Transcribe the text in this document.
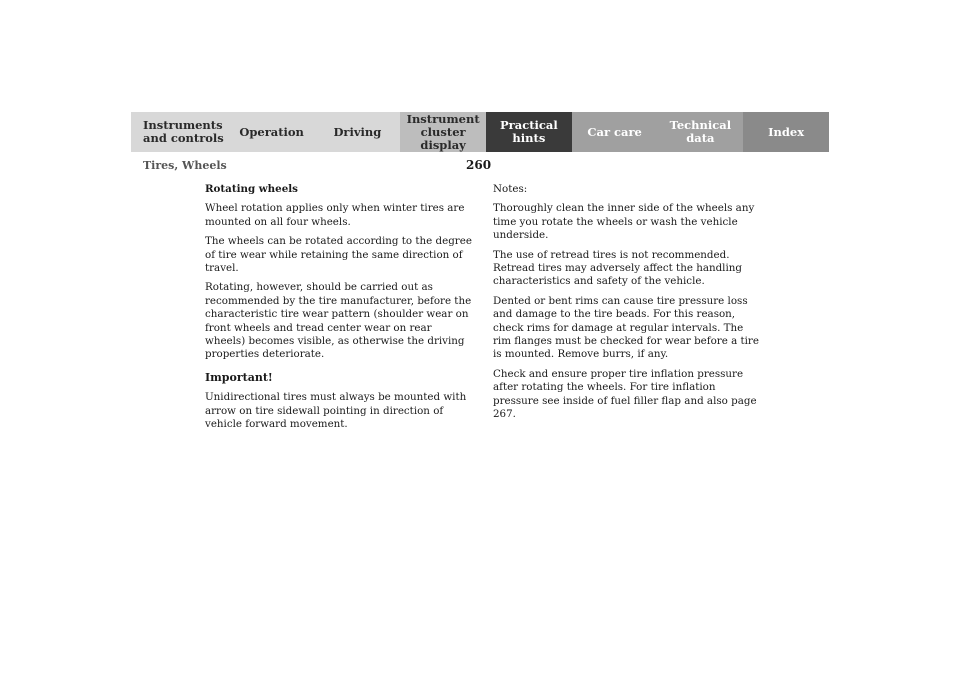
Instruments
and controls	Operation	Driving
Instrument
cluster display
Practical hints	Car care	Technical
data	Index
Tires, Wheels	260

Rotating wheels

Wheel rotation applies only when winter tires are mounted on all four wheels.

The wheels can be rotated according to the degree of tire wear while retaining the same direction of travel.

Rotating, however, should be carried out as recommended by the tire manufacturer, before the characteristic tire wear pattern (shoulder wear on front wheels and tread center wear on rear wheels) becomes visible, as otherwise the driving properties deteriorate.

Important!

Unidirectional tires must always be mounted with arrow on tire sidewall pointing in direction of vehicle forward movement.

Notes:

Thoroughly clean the inner side of the wheels any time you rotate the wheels or wash the vehicle underside.

The use of retread tires is not recommended. Retread tires may adversely affect the handling characteristics and safety of the vehicle.

Dented or bent rims can cause tire pressure loss and damage to the tire beads. For this reason, check rims for damage at regular intervals. The rim flanges must be checked for wear before a tire is mounted. Remove burrs, if any.

Check and ensure proper tire inflation pressure after rotating the wheels. For tire inflation pressure see inside of fuel filler flap and also page 267.
